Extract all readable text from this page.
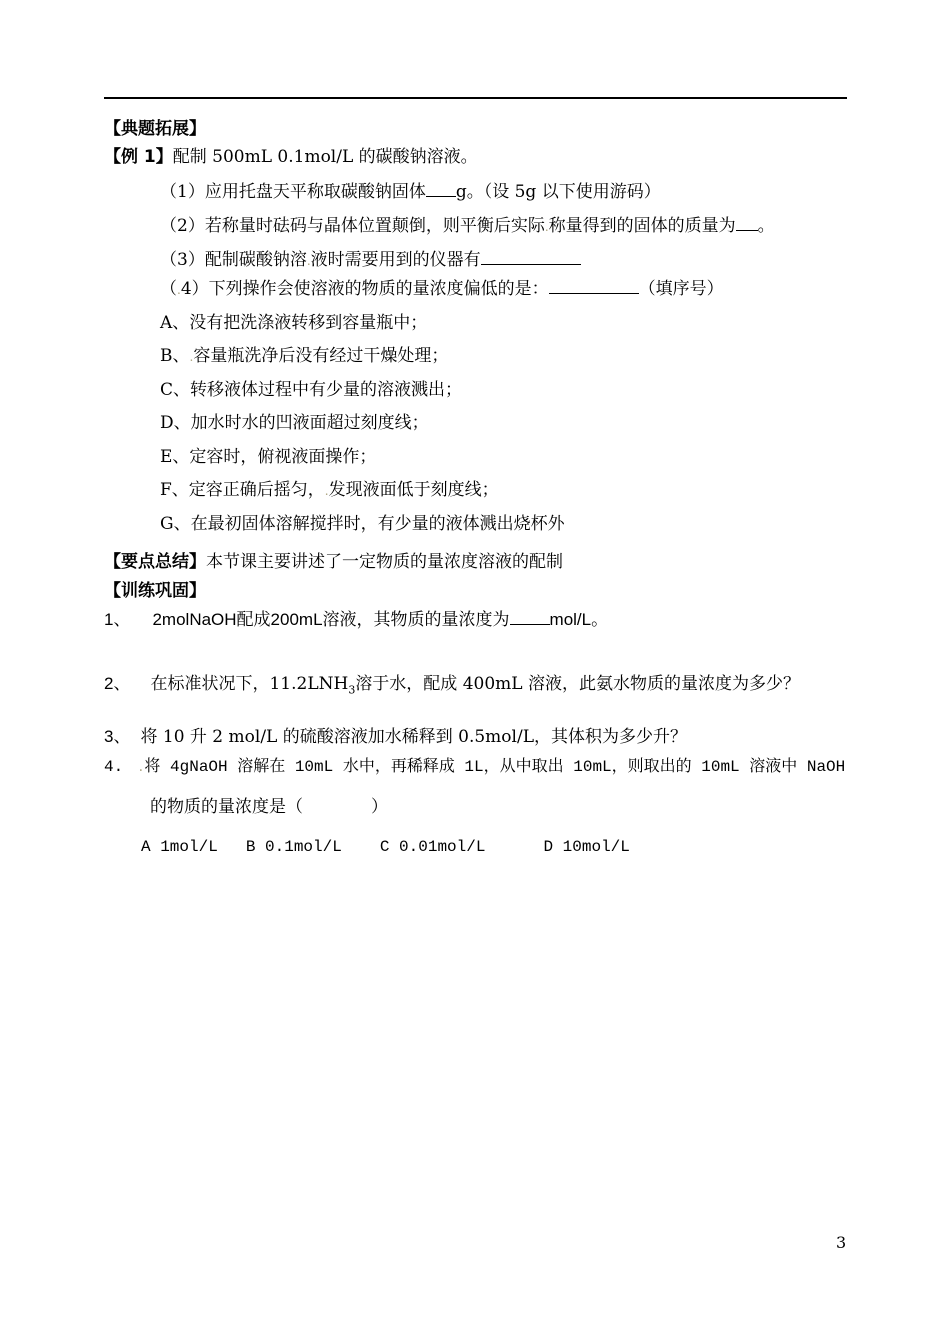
【典题拓展】
【例 1】配制 500mL 0.1mol/L 的碳酸钠溶液。
（1）应用托盘天平称取碳酸钠固体 g。（设 5g 以下使用游码）
（2）若称量时砝码与晶体位置颠倒，则平衡后实际.称量得到的固体的质量为 。
（3）配制碳酸钠溶.液时需要用到的仪器有
（.4）下列操作会使溶液的物质的量浓度偏低的是：	（填序号）
A、没有把洗涤液转移到容量瓶中；
B、.容量瓶洗净后没有经过干燥处理；
C、转移液体过程中有少量的溶液溅出；
D、加水时水的凹液面超过刻度线；
E、定容时，俯视液面操作；
F、定容正确后摇匀，.发现液面低于刻度线；
G、在最初固体溶解搅拌时，有少量的液体溅出烧杯外
【要点总结】本节课主要讲述了一定物质的量浓度溶液的配制
【训练巩固】
1、 2molNaOH配成200mL溶液，其物质的量浓度为 mol/L。
2、 在标准状况下，$11.2LNH_3$溶于水，配成 400mL 溶液，此氨水物质的量浓度为多少？
3、 将 10 升 2 mol/L 的硫酸溶液加水稀释到 0.5mol/L，其体积为多少升？
4. .将 4gNaOH 溶解在 10mL 水中，再稀释成 1L，从中取出 10mL，则取出的 10mL 溶液中 NaOH
的物质的量浓度是（　　　　）
A 1mol/L B 0.1mol/L C 0.01mol/L	D 10mol/L
3
